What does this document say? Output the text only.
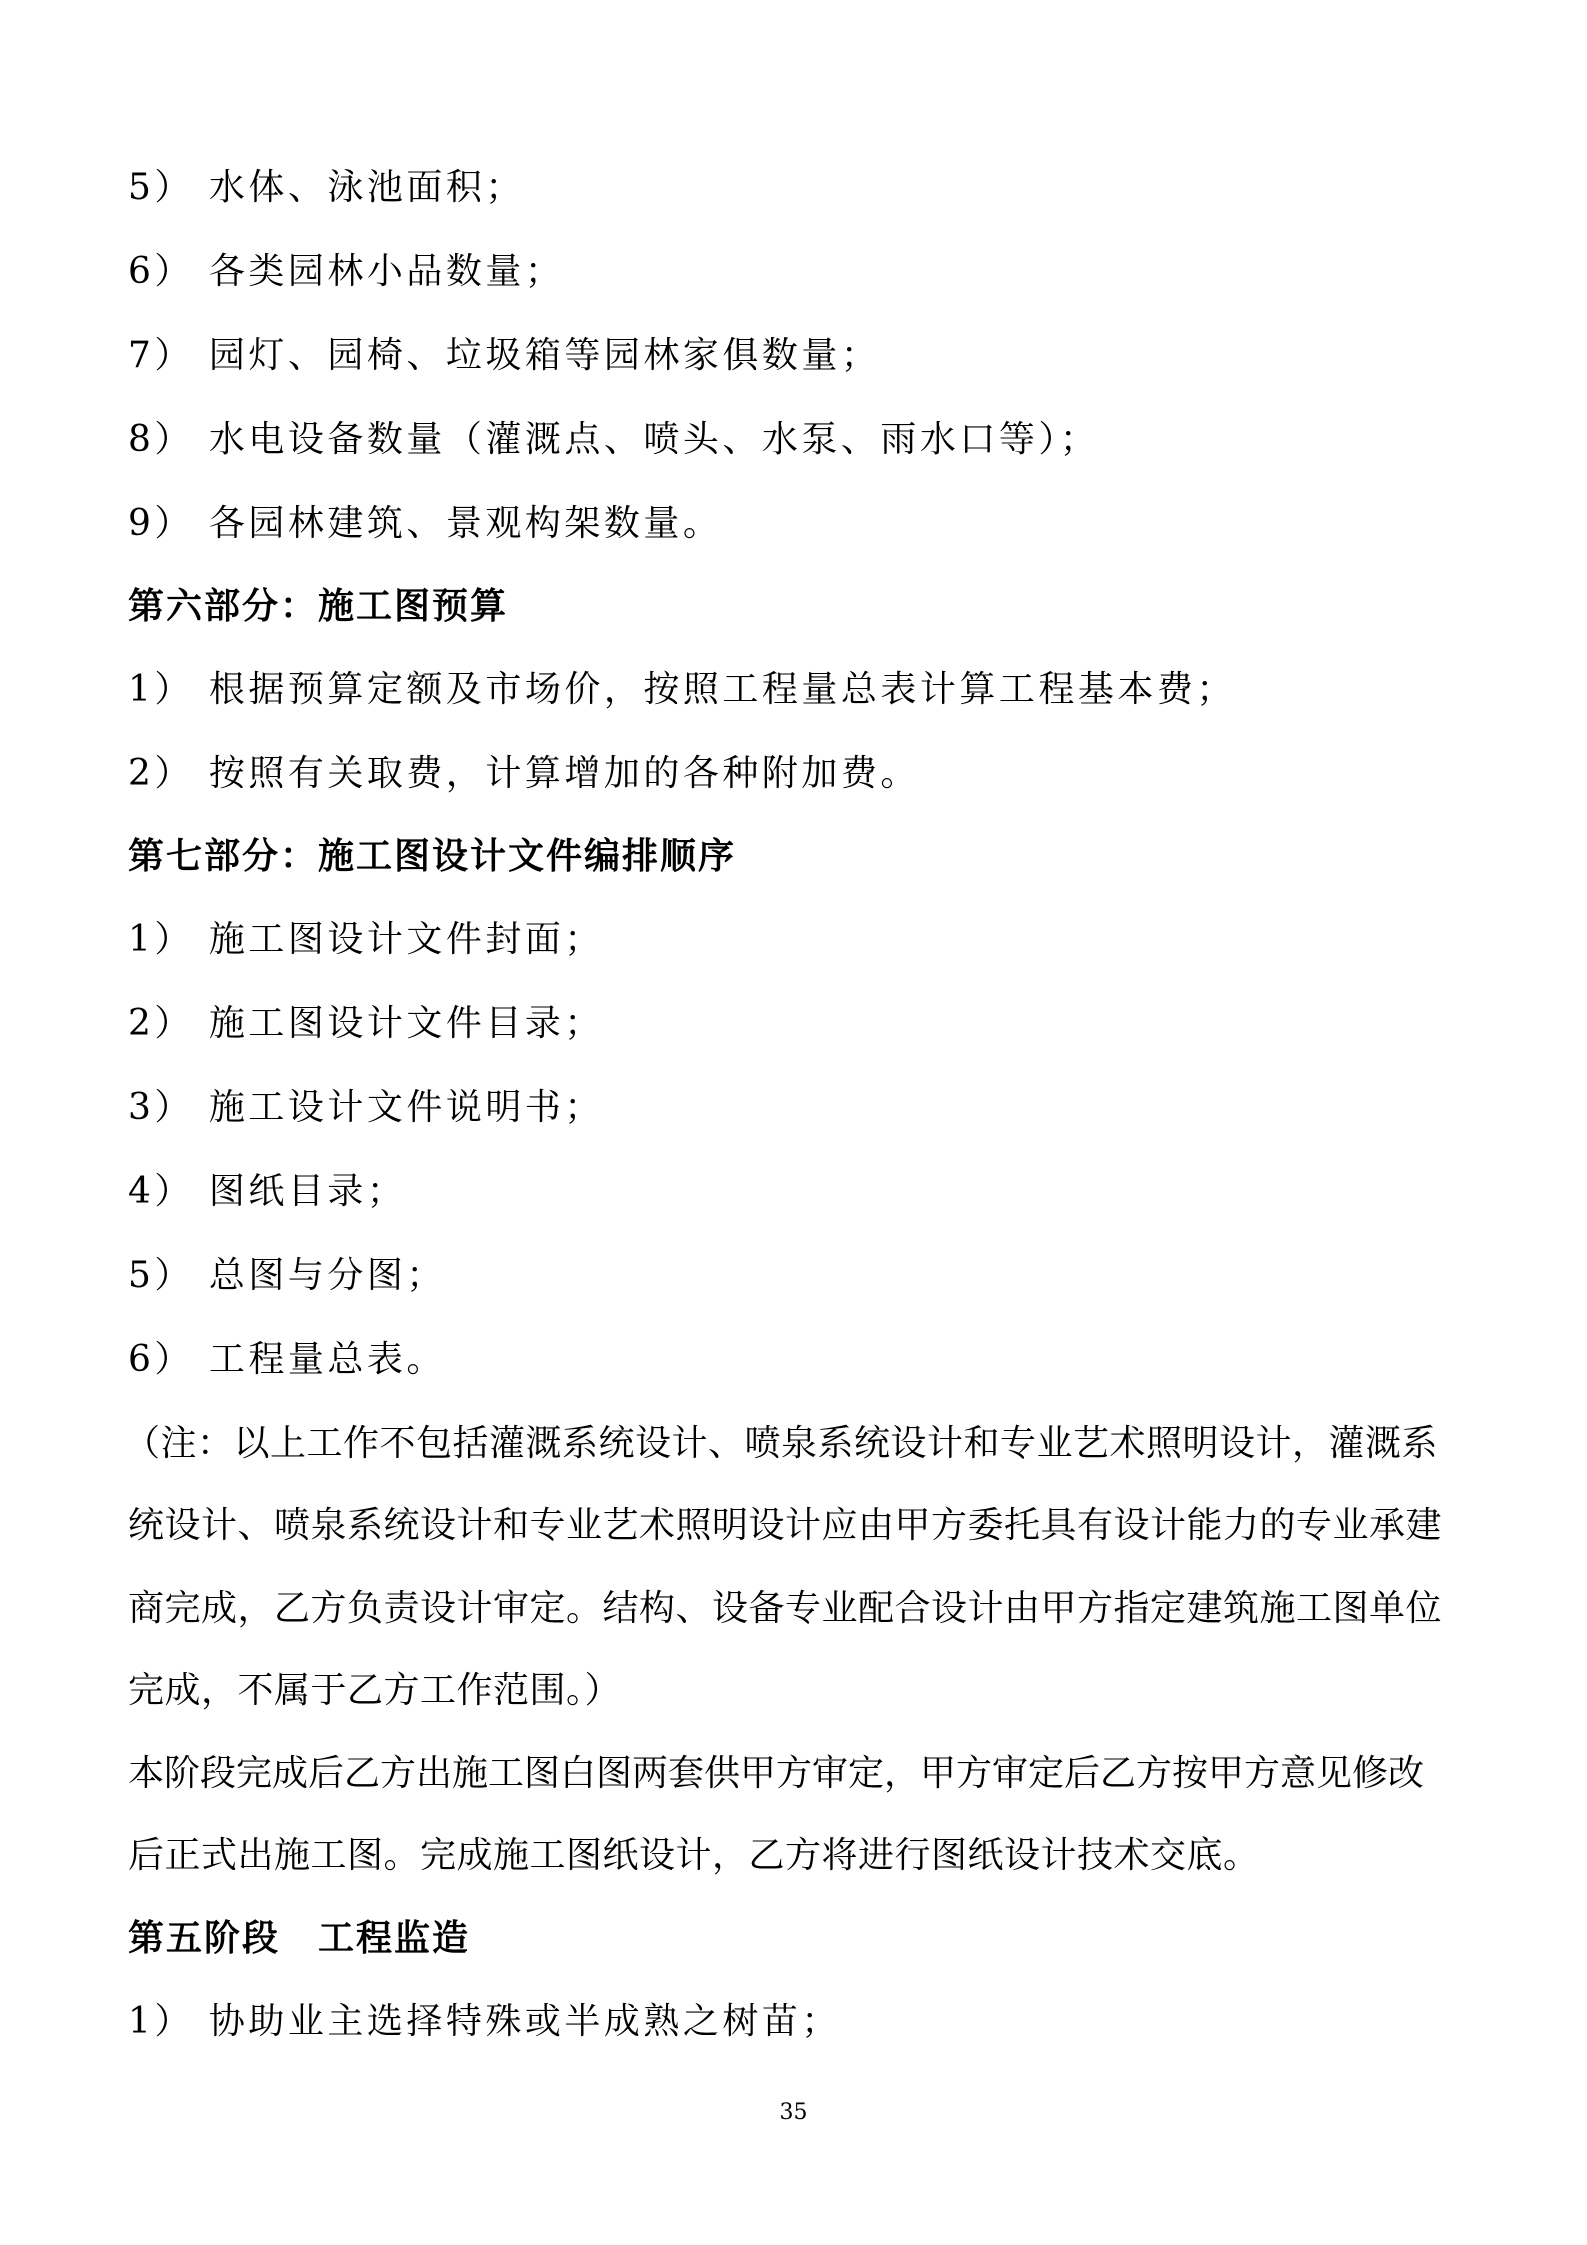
5） 水体、泳池面积；
6） 各类园林小品数量；
7） 园灯、园椅、垃圾箱等园林家俱数量；
8） 水电设备数量（灌溉点、喷头、水泵、雨水口等）；
9） 各园林建筑、景观构架数量。
第六部分：施工图预算
1） 根据预算定额及市场价，按照工程量总表计算工程基本费；
2） 按照有关取费，计算增加的各种附加费。
第七部分：施工图设计文件编排顺序
1） 施工图设计文件封面；
2） 施工图设计文件目录；
3） 施工设计文件说明书；
4） 图纸目录；
5） 总图与分图；
6） 工程量总表。
（注：以上工作不包括灌溉系统设计、喷泉系统设计和专业艺术照明设计，灌溉系
统设计、喷泉系统设计和专业艺术照明设计应由甲方委托具有设计能力的专业承建
商完成，乙方负责设计审定。结构、设备专业配合设计由甲方指定建筑施工图单位
完成，不属于乙方工作范围。）
本阶段完成后乙方出施工图白图两套供甲方审定，甲方审定后乙方按甲方意见修改
后正式出施工图。完成施工图纸设计，乙方将进行图纸设计技术交底。
第五阶段　工程监造
1） 协助业主选择特殊或半成熟之树苗；
35
